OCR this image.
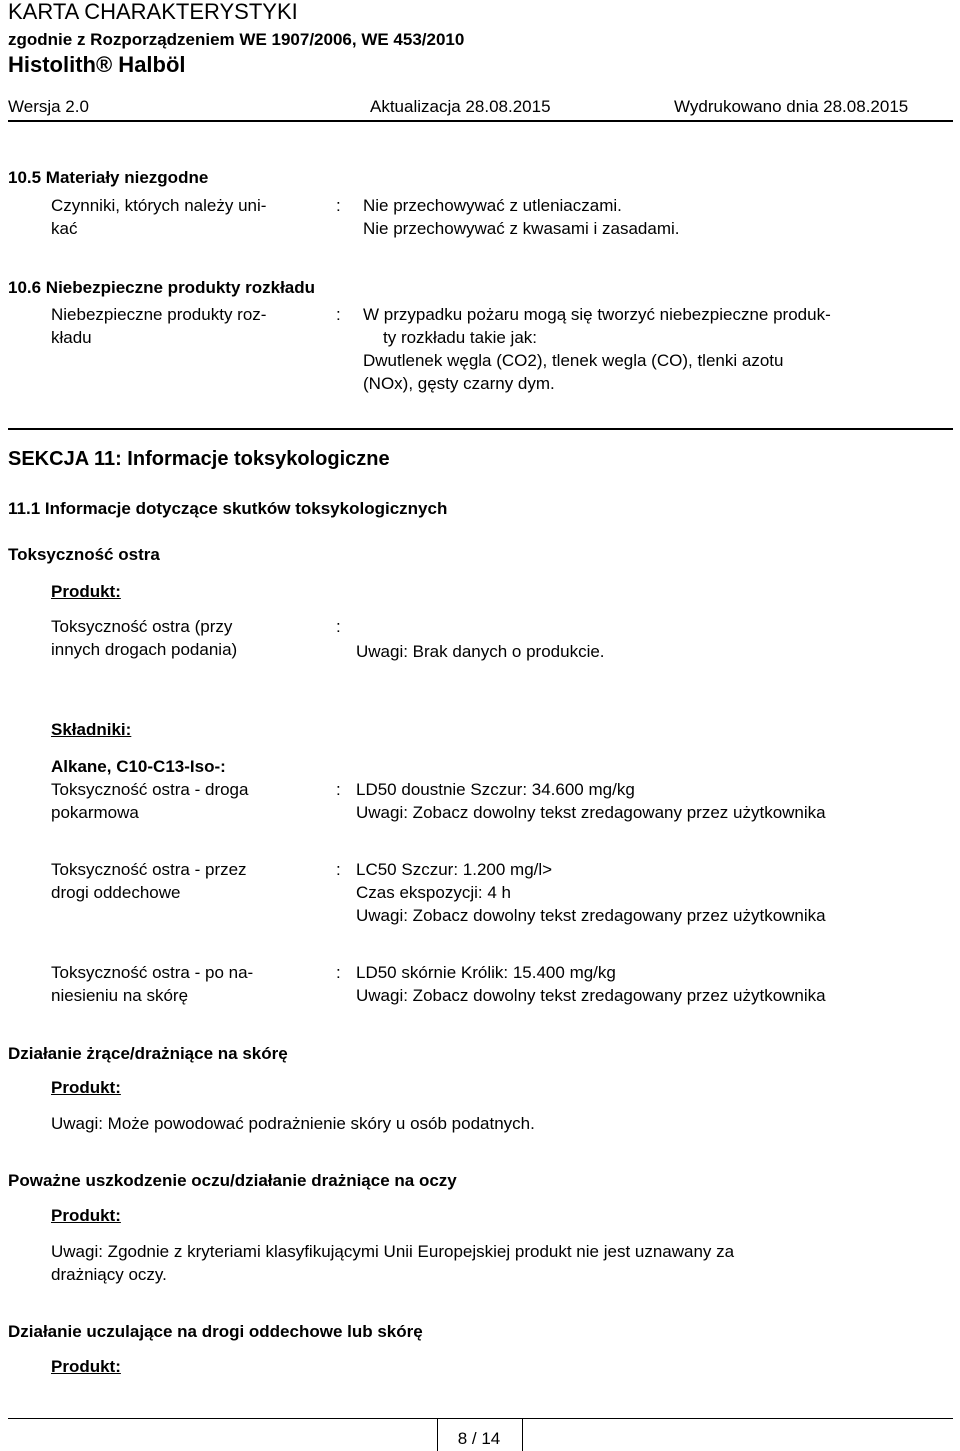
KARTA CHARAKTERYSTYKI
zgodnie z Rozporządzeniem WE 1907/2006, WE 453/2010
Histolith® Halböl
Wersja 2.0	Aktualizacja 28.08.2015	Wydrukowano dnia 28.08.2015
10.5 Materiały niezgodne
Czynniki, których należy uni-
kać
: Nie przechowywać z utleniaczami.
Nie przechowywać z kwasami i zasadami.
10.6 Niebezpieczne produkty rozkładu
Niebezpieczne produkty roz-
kładu
: W przypadku pożaru mogą się tworzyć niebezpieczne produk-
ty rozkładu takie jak:
Dwutlenek węgla (CO2), tlenek wegla (CO), tlenki azotu
(NOx), gęsty czarny dym.
SEKCJA 11: Informacje toksykologiczne
11.1 Informacje dotyczące skutków toksykologicznych
Toksyczność ostra
Produkt:
Toksyczność ostra (przy
innych drogach podania)
:
Uwagi: Brak danych o produkcie.
Składniki:
Alkane, C10-C13-Iso-:
Toksyczność ostra - droga
pokarmowa
: LD50 doustnie Szczur: 34.600 mg/kg
Uwagi: Zobacz dowolny tekst zredagowany przez użytkownika
Toksyczność ostra - przez
drogi oddechowe
: LC50 Szczur: 1.200 mg/l>
Czas ekspozycji: 4 h
Uwagi: Zobacz dowolny tekst zredagowany przez użytkownika
Toksyczność ostra - po na-
niesieniu na skórę
: LD50 skórnie Królik: 15.400 mg/kg
Uwagi: Zobacz dowolny tekst zredagowany przez użytkownika
Działanie żrące/drażniące na skórę
Produkt:
Uwagi: Może powodować podrażnienie skóry u osób podatnych.
Poważne uszkodzenie oczu/działanie drażniące na oczy
Produkt:
Uwagi: Zgodnie z kryteriami klasyfikującymi Unii Europejskiej produkt nie jest uznawany za
drażniący oczy.
Działanie uczulające na drogi oddechowe lub skórę
Produkt:
8 / 14
